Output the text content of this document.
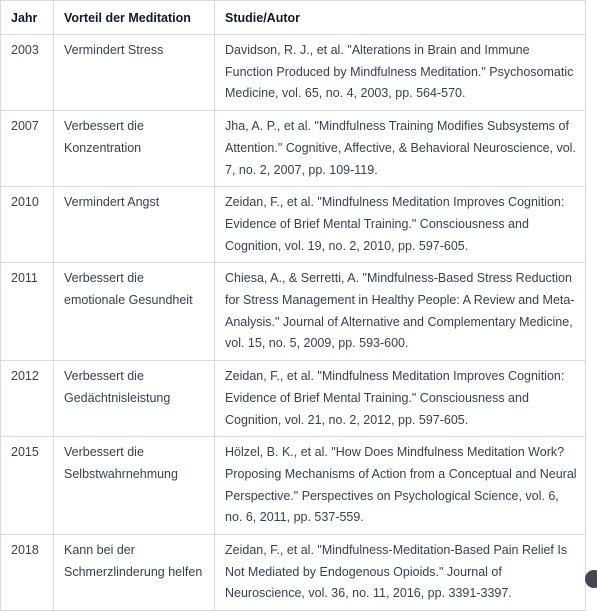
Jahr	Vorteil der Meditation	Studie/Autor
2003	Vermindert Stress	Davidson, R. J., et al. "Alterations in Brain and Immune Function Produced by Mindfulness Meditation." Psychosomatic Medicine, vol. 65, no. 4, 2003, pp. 564-570.
2007	Verbessert die Konzentration	Jha, A. P., et al. "Mindfulness Training Modifies Subsystems of Attention." Cognitive, Affective, & Behavioral Neuroscience, vol. 7, no. 2, 2007, pp. 109-119.
2010	Vermindert Angst	Zeidan, F., et al. "Mindfulness Meditation Improves Cognition: Evidence of Brief Mental Training." Consciousness and Cognition, vol. 19, no. 2, 2010, pp. 597-605.
2011	Verbessert die emotionale Gesundheit	Chiesa, A., & Serretti, A. "Mindfulness-Based Stress Reduction for Stress Management in Healthy People: A Review and Meta-Analysis." Journal of Alternative and Complementary Medicine, vol. 15, no. 5, 2009, pp. 593-600.
2012	Verbessert die Gedächtnisleistung	Zeidan, F., et al. "Mindfulness Meditation Improves Cognition: Evidence of Brief Mental Training." Consciousness and Cognition, vol. 21, no. 2, 2012, pp. 597-605.
2015	Verbessert die Selbstwahrnehmung	Hölzel, B. K., et al. "How Does Mindfulness Meditation Work? Proposing Mechanisms of Action from a Conceptual and Neural Perspective." Perspectives on Psychological Science, vol. 6, no. 6, 2011, pp. 537-559.
2018	Kann bei der Schmerzlinderung helfen	Zeidan, F., et al. "Mindfulness-Meditation-Based Pain Relief Is Not Mediated by Endogenous Opioids." Journal of Neuroscience, vol. 36, no. 11, 2016, pp. 3391-3397.
